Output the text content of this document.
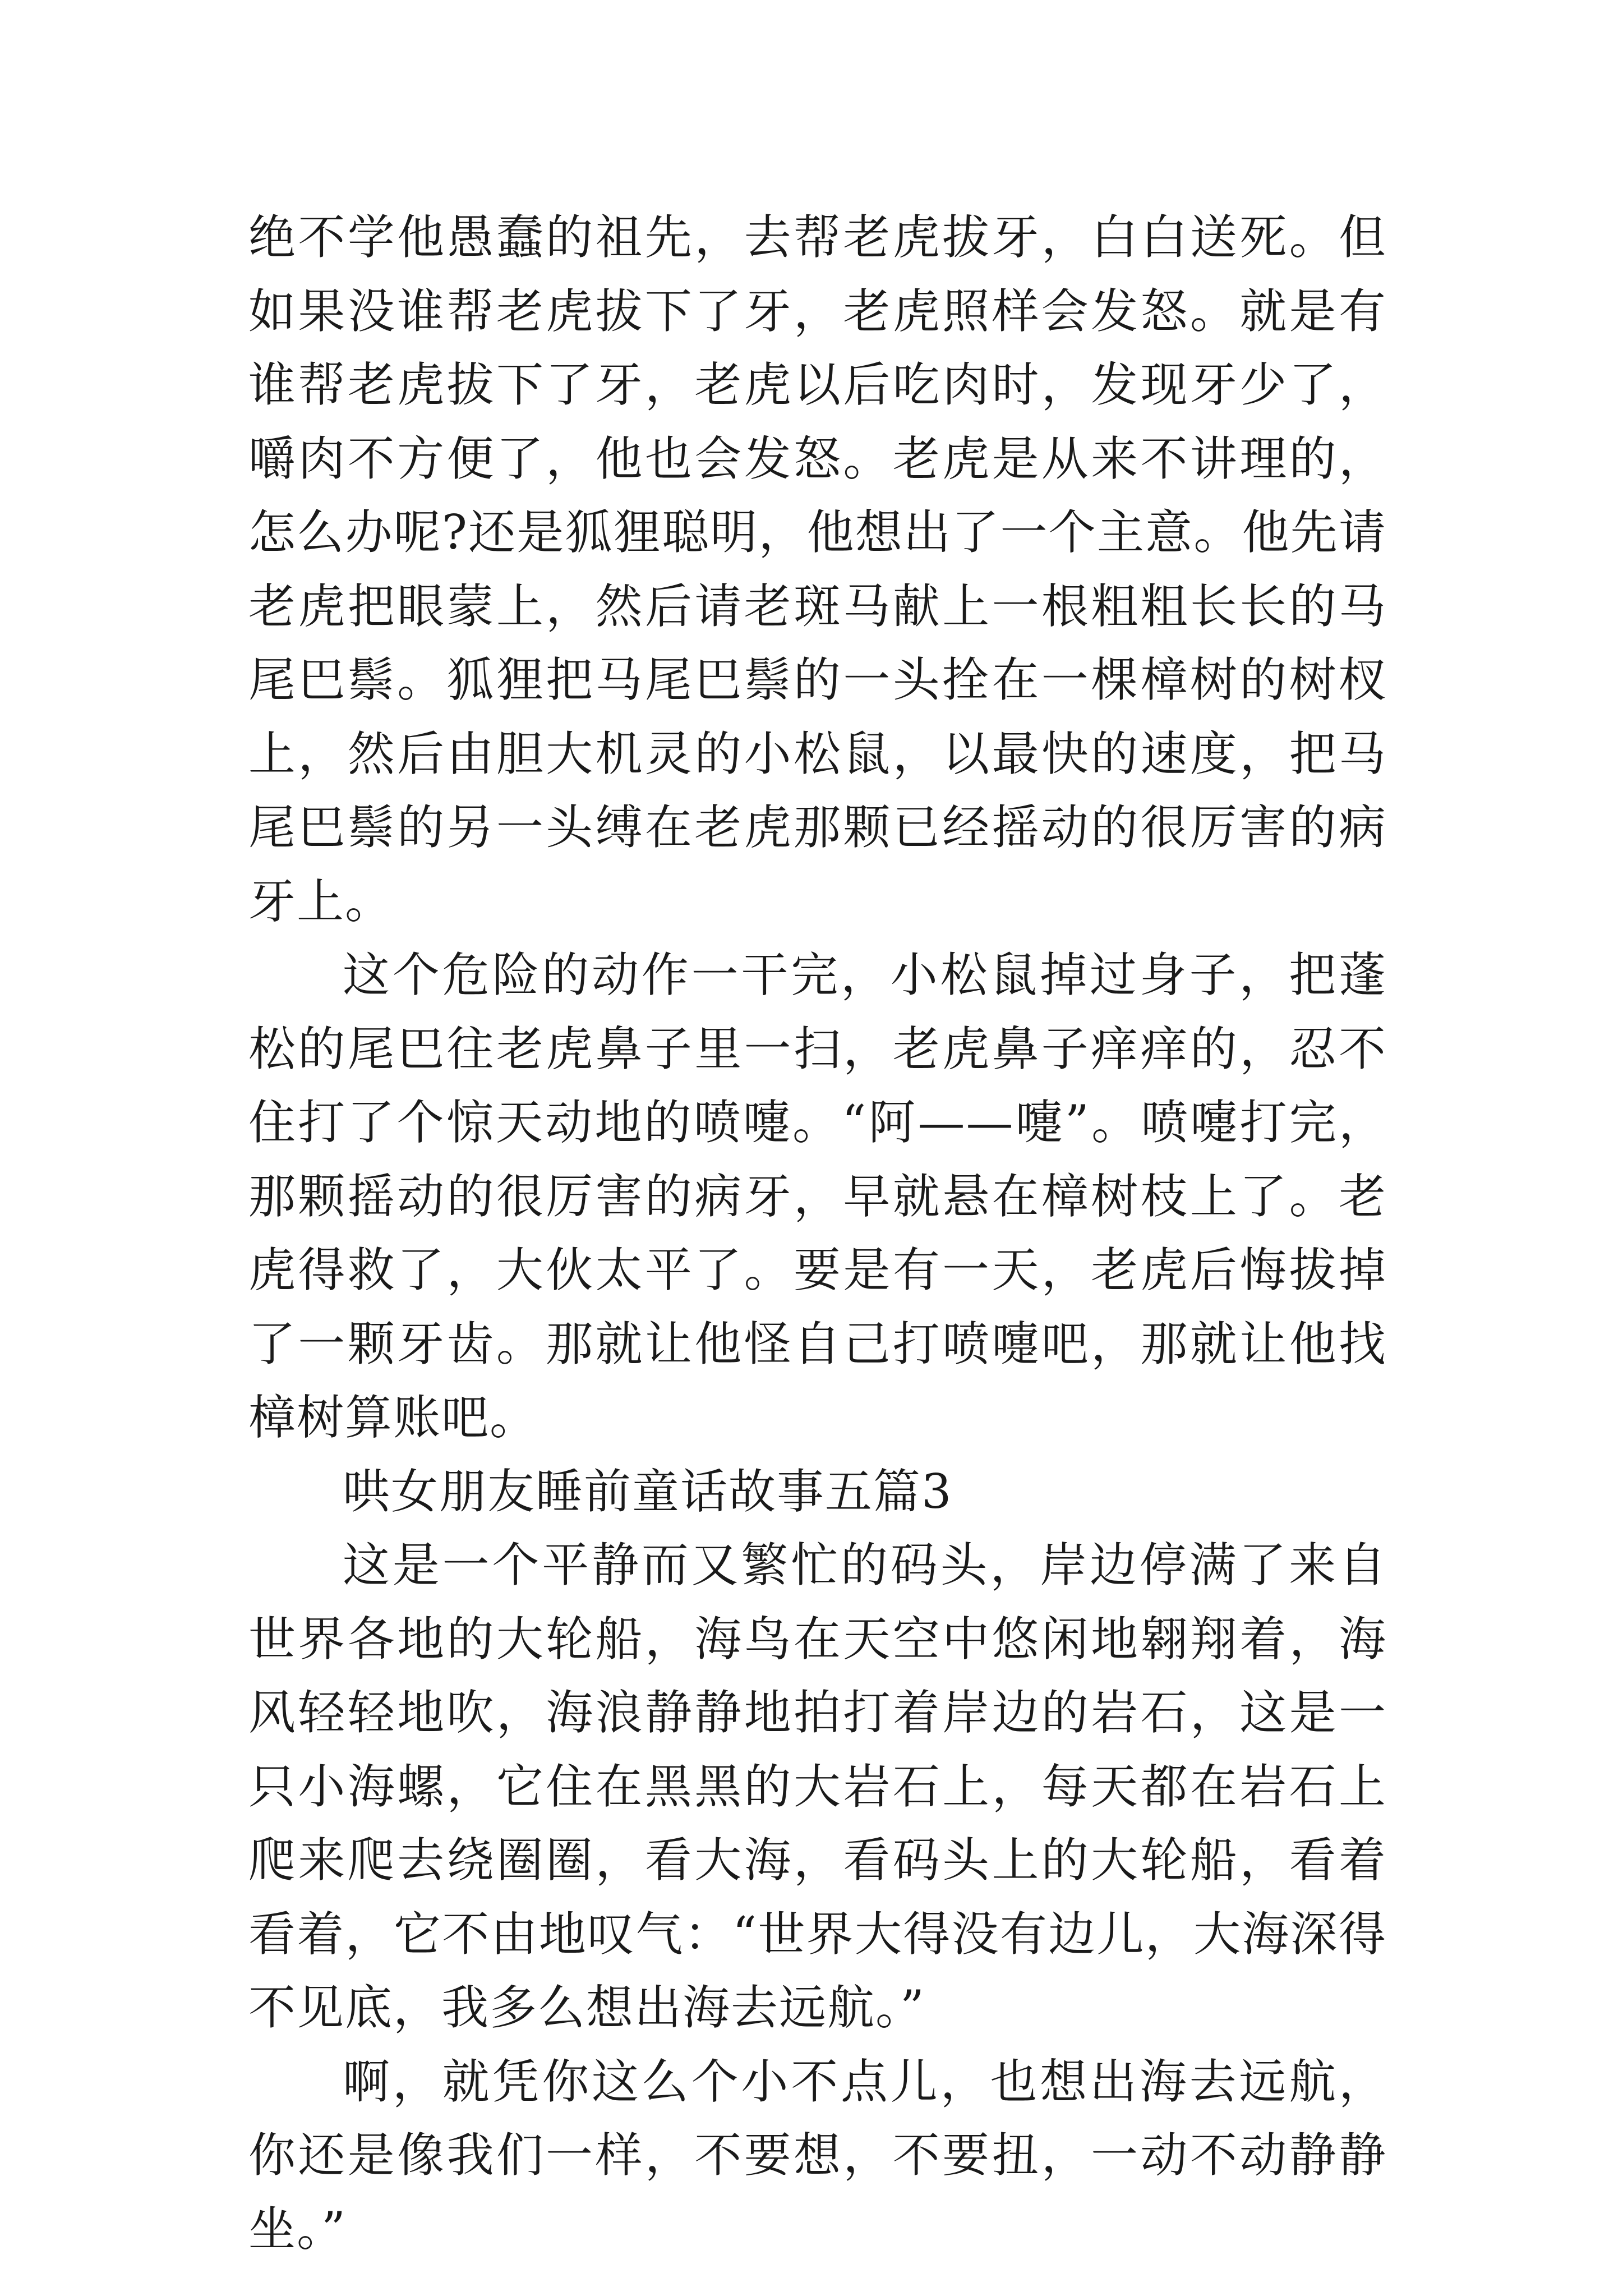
绝不学他愚蠢的祖先，去帮老虎拔牙，白白送死。但如果没谁帮老虎拔下了牙，老虎照样会发怒。就是有谁帮老虎拔下了牙，老虎以后吃肉时，发现牙少了，嚼肉不方便了，他也会发怒。老虎是从来不讲理的，怎么办呢?还是狐狸聪明，他想出了一个主意。他先请老虎把眼蒙上，然后请老斑马献上一根粗粗长长的马尾巴鬃。狐狸把马尾巴鬃的一头拴在一棵樟树的树杈上，然后由胆大机灵的小松鼠，以最快的速度，把马尾巴鬃的另一头缚在老虎那颗已经摇动的很厉害的病牙上。

这个危险的动作一干完，小松鼠掉过身子，把蓬松的尾巴往老虎鼻子里一扫，老虎鼻子痒痒的，忍不住打了个惊天动地的喷嚏。“阿——嚏”。喷嚏打完，那颗摇动的很厉害的病牙，早就悬在樟树枝上了。老虎得救了，大伙太平了。要是有一天，老虎后悔拔掉了一颗牙齿。那就让他怪自己打喷嚏吧，那就让他找樟树算账吧。

哄女朋友睡前童话故事五篇3

这是一个平静而又繁忙的码头，岸边停满了来自世界各地的大轮船，海鸟在天空中悠闲地翱翔着，海风轻轻地吹，海浪静静地拍打着岸边的岩石，这是一只小海螺，它住在黑黑的大岩石上，每天都在岩石上爬来爬去绕圈圈，看大海，看码头上的大轮船，看着看着，它不由地叹气：“世界大得没有边儿，大海深得不见底，我多么想出海去远航。”

啊，就凭你这么个小不点儿，也想出海去远航，你还是像我们一样，不要想，不要扭，一动不动静静坐。”
